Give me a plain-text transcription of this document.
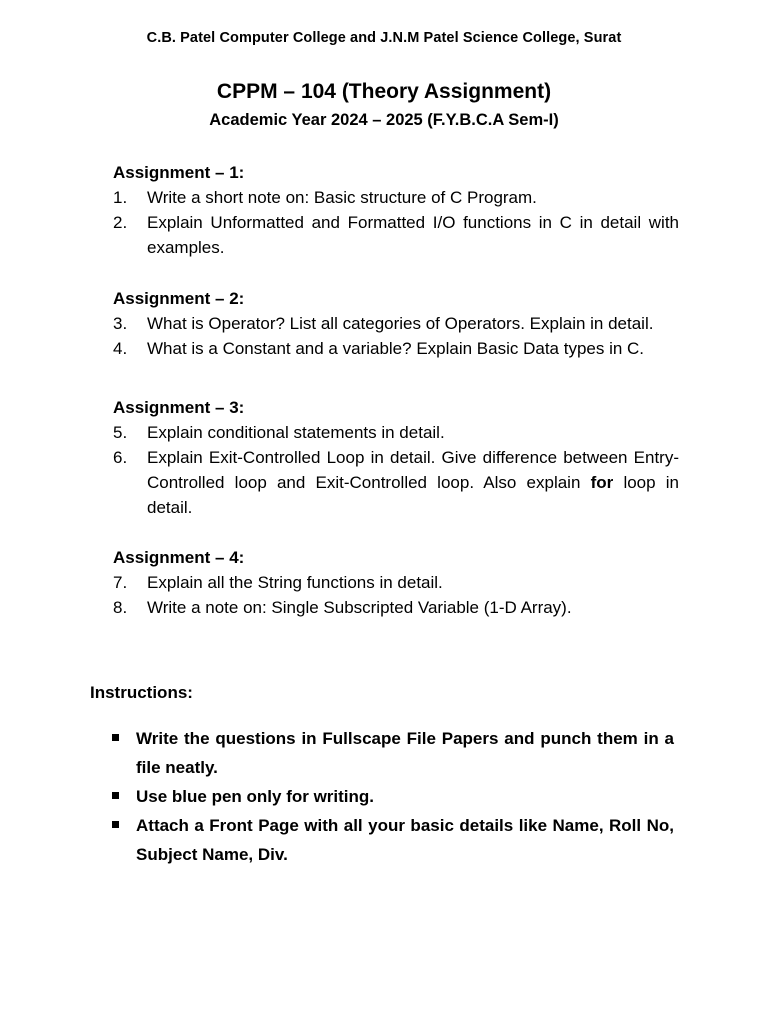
C.B. Patel Computer College and J.N.M Patel Science College, Surat
CPPM – 104 (Theory Assignment)
Academic Year 2024 – 2025 (F.Y.B.C.A Sem-I)
Assignment – 1:
1.	Write a short note on: Basic structure of C Program.
2.	Explain Unformatted and Formatted I/O functions in C in detail with examples.
Assignment – 2:
3.	What is Operator? List all categories of Operators. Explain in detail.
4.	What is a Constant and a variable? Explain Basic Data types in C.
Assignment – 3:
5.	Explain conditional statements in detail.
6.	Explain Exit-Controlled Loop in detail. Give difference between Entry-Controlled loop and Exit-Controlled loop. Also explain for loop in detail.
Assignment – 4:
7.	Explain all the String functions in detail.
8.	Write a note on: Single Subscripted Variable (1-D Array).
Instructions:
Write the questions in Fullscape File Papers and punch them in a file neatly.
Use blue pen only for writing.
Attach a Front Page with all your basic details like Name, Roll No, Subject Name, Div.
